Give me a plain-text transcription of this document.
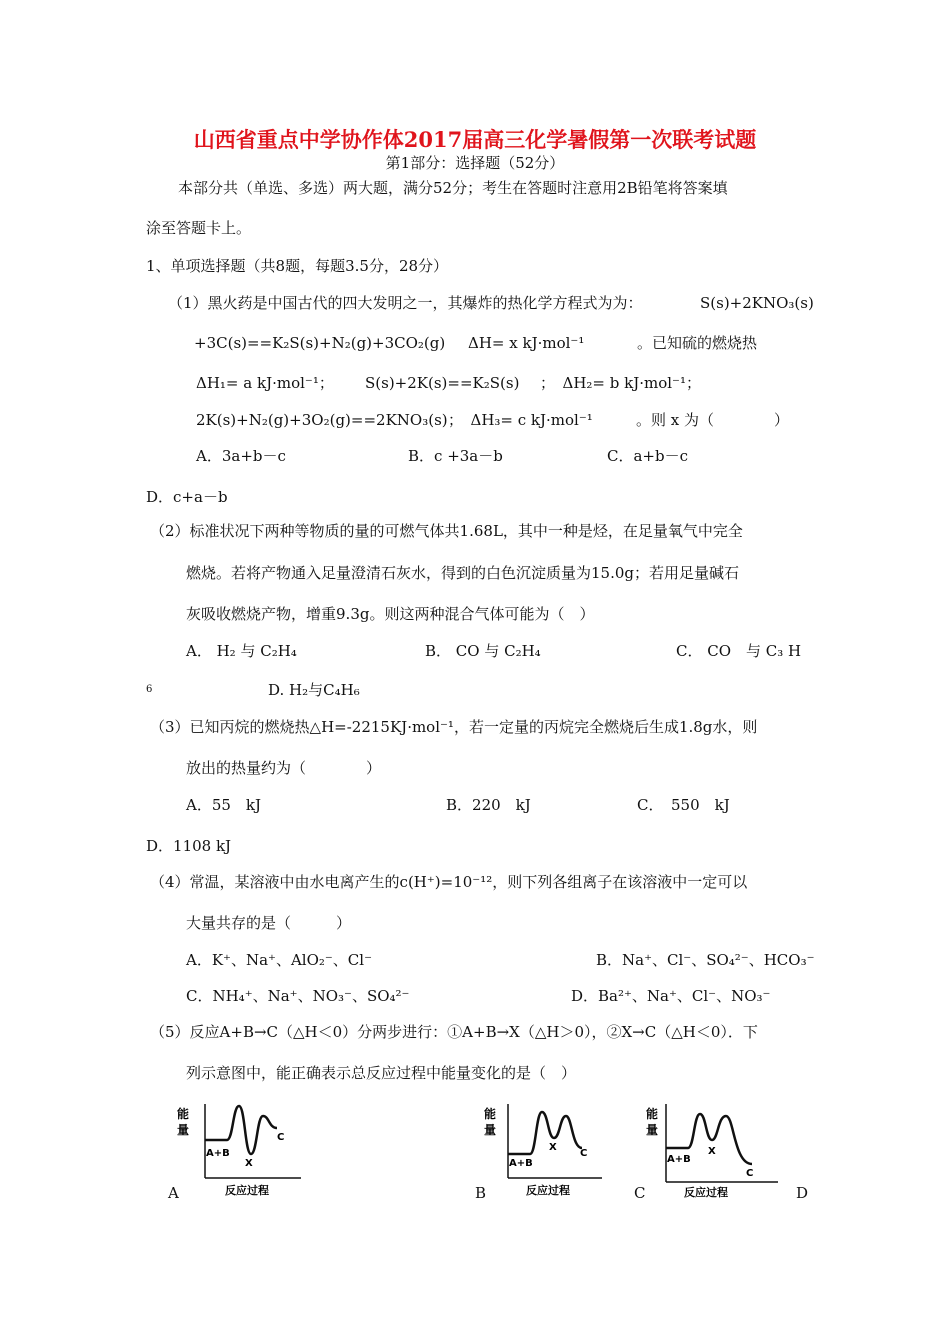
山西省重点中学协作体2017届高三化学暑假第一次联考试题
第1部分：选择题（52分）
本部分共（单选、多选）两大题，满分52分；考生在答题时注意用2B铅笔将答案填
涂至答题卡上。
1、单项选择题（共8题，每题3.5分，28分）
（1）黑火药是中国古代的四大发明之一，其爆炸的热化学方程式为为：	S(s)+2KNO₃(s)
+3C(s)==K₂S(s)+N₂(g)+3CO₂(g) ΔH= x kJ·mol⁻¹	。已知硫的燃烧热
ΔH₁= a kJ·mol⁻¹； S(s)+2K(s)==K₂S(s) ；　ΔH₂= b kJ·mol⁻¹；
2K(s)+N₂(g)+3O₂(g)==2KNO₃(s) ；　ΔH₃= c kJ·mol⁻¹	。则 x 为（　　　　）
A．3a+b－c	B．c +3a－b	C．a+b－c
D．c+a－b
（2）标准状况下两种等物质的量的可燃气体共1.68L，其中一种是烃，在足量氧气中完全
燃烧。若将产物通入足量澄清石灰水，得到的白色沉淀质量为15.0g；若用足量碱石
灰吸收燃烧产物，增重9.3g。则这两种混合气体可能为（　）
A． H₂ 与 C₂H₄	B． CO 与 C₂H₄	C． CO　与 C₃ H
6	D. H₂与C₄H₆
（3）已知丙烷的燃烧热△H=-2215KJ·mol⁻¹，若一定量的丙烷完全燃烧后生成1.8g水，则
放出的热量约为（　　　　）
A．55　kJ	B．220　kJ	C．　550　kJ
D．1108 kJ
（4）常温，某溶液中由水电离产生的c(H⁺)=10⁻¹²，则下列各组离子在该溶液中一定可以
大量共存的是（　　　）
A．K⁺、Na⁺、AlO₂⁻、Cl⁻	B．Na⁺、Cl⁻、SO₄²⁻、HCO₃⁻
C．NH₄⁺、Na⁺、NO₃⁻、SO₄²⁻	D．Ba²⁺、Na⁺、Cl⁻、NO₃⁻
（5）反应A+B→C（△H＜0）分两步进行：①A+B→X（△H＞0），②X→C（△H＜0）．下
列示意图中，能正确表示总反应过程中能量变化的是（　）
能
量
A+B
X
C
反应过程
A
能
量
A+B
X
C
反应过程
B
能
量
A+B
X
C
反应过程
C	D
